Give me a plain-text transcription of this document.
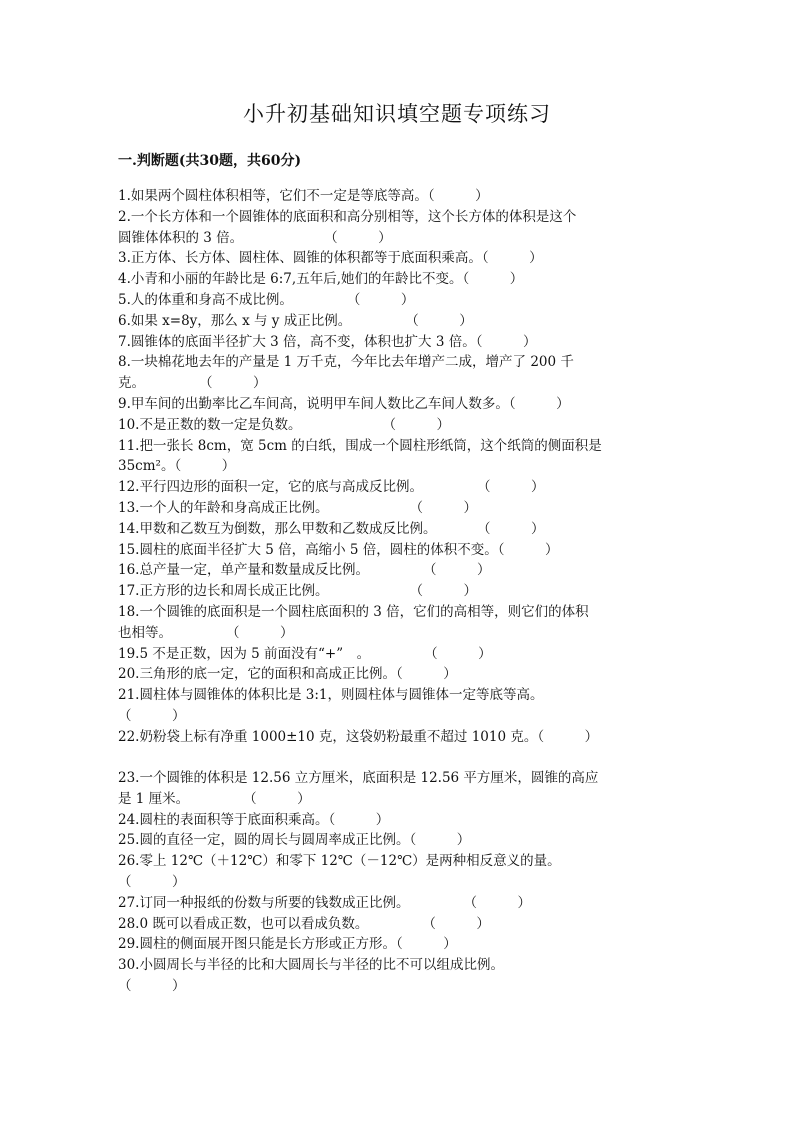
小升初基础知识填空题专项练习
一.判断题(共30题，共60分)
1.如果两个圆柱体积相等，它们不一定是等底等高。（　　　）
2.一个长方体和一个圆锥体的底面积和高分别相等，这个长方体的体积是这个
圆锥体体积的 3 倍。　　　　　　　（　　　）
3.正方体、长方体、圆柱体、圆锥的体积都等于底面积乘高。（　　　）
4.小青和小丽的年龄比是 6:7,五年后,她们的年龄比不变。（　　　）
5.人的体重和身高不成比例。　　　　　（　　　）
6.如果 x=8y，那么 x 与 y 成正比例。　　　　　（　　　）
7.圆锥体的底面半径扩大 3 倍，高不变，体积也扩大 3 倍。（　　　）
8.一块棉花地去年的产量是 1 万千克，今年比去年增产二成，增产了 200 千
克。　　　　　（　　　）
9.甲车间的出勤率比乙车间高，说明甲车间人数比乙车间人数多。（　　　）
10.不是正数的数一定是负数。　　　　　　　（　　　）
11.把一张长 8cm，宽 5cm 的白纸，围成一个圆柱形纸筒，这个纸筒的侧面积是
35cm²。（　　　）
12.平行四边形的面积一定，它的底与高成反比例。　　　　　（　　　）
13.一个人的年龄和身高成正比例。　　　　　　　（　　　）
14.甲数和乙数互为倒数，那么甲数和乙数成反比例。　　　　（　　　）
15.圆柱的底面半径扩大 5 倍，高缩小 5 倍，圆柱的体积不变。（　　　）
16.总产量一定，单产量和数量成反比例。　　　　　（　　　）
17.正方形的边长和周长成正比例。　　　　　　　（　　　）
18.一个圆锥的底面积是一个圆柱底面积的 3 倍，它们的高相等，则它们的体积
也相等。　　　　　（　　　）
19.5 不是正数，因为 5 前面没有“+”　。　　　　　（　　　）
20.三角形的底一定，它的面积和高成正比例。（　　　）
21.圆柱体与圆锥体的体积比是 3:1，则圆柱体与圆锥体一定等底等高。
（　　　）
22.奶粉袋上标有净重 1000±10 克，这袋奶粉最重不超过 1010 克。（　　　）
23.一个圆锥的体积是 12.56 立方厘米，底面积是 12.56 平方厘米，圆锥的高应
是 1 厘米。　　　　　（　　　）
24.圆柱的表面积等于底面积乘高。（　　　）
25.圆的直径一定，圆的周长与圆周率成正比例。（　　　）
26.零上 12℃（＋12℃）和零下 12℃（－12℃）是两种相反意义的量。
（　　　）
27.订同一种报纸的份数与所要的钱数成正比例。　　　　　（　　　）
28.0 既可以看成正数，也可以看成负数。　　　　　（　　　）
29.圆柱的侧面展开图只能是长方形或正方形。（　　　）
30.小圆周长与半径的比和大圆周长与半径的比不可以组成比例。
（　　　）
